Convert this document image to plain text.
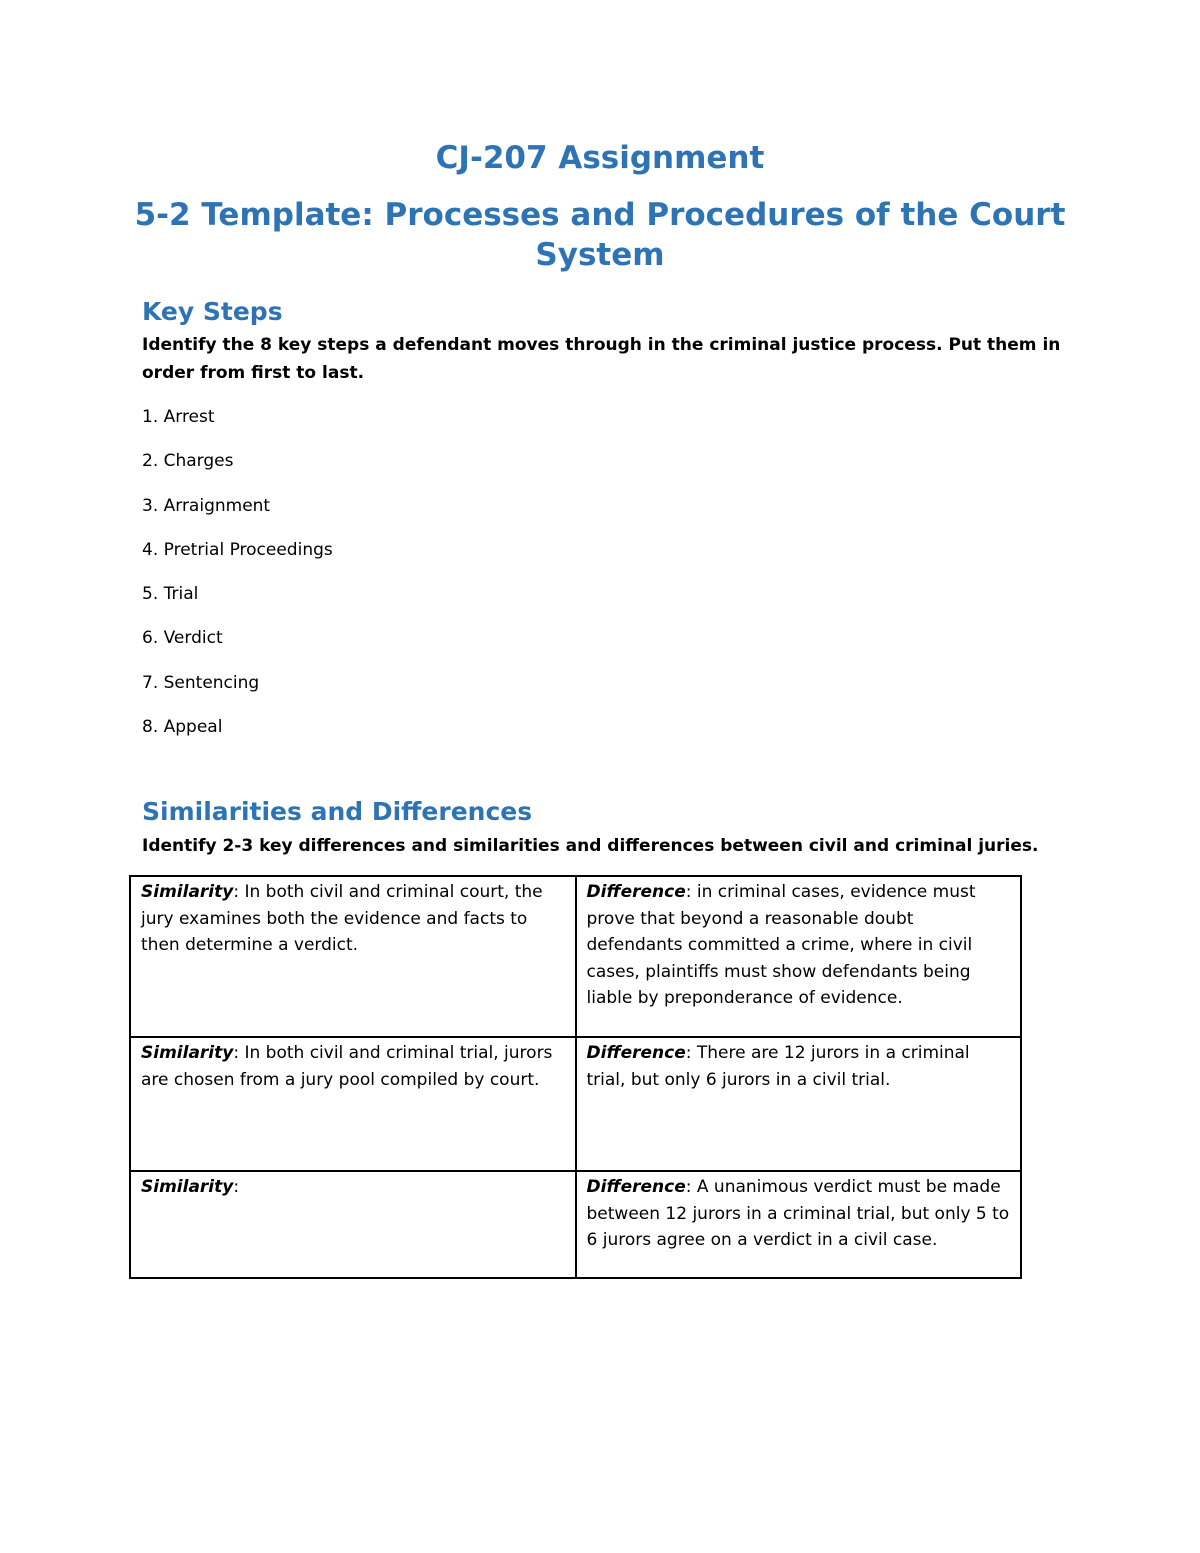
CJ-207 Assignment
5-2 Template: Processes and Procedures of the Court System
Key Steps

Identify the 8 key steps a defendant moves through in the criminal justice process. Put them in order from first to last.

1. Arrest
2. Charges
3. Arraignment
4. Pretrial Proceedings
5. Trial
6. Verdict
7. Sentencing
8. Appeal
Similarities and Differences

Identify 2-3 key differences and similarities and differences between civil and criminal juries.

Similarity: In both civil and criminal court, the jury examines both the evidence and facts to then determine a verdict.	Difference: in criminal cases, evidence must prove that beyond a reasonable doubt defendants committed a crime, where in civil cases, plaintiffs must show defendants being liable by preponderance of evidence.
Similarity: In both civil and criminal trial, jurors are chosen from a jury pool compiled by court.	Difference: There are 12 jurors in a criminal trial, but only 6 jurors in a civil trial.
Similarity:	Difference: A unanimous verdict must be made between 12 jurors in a criminal trial, but only 5 to 6 jurors agree on a verdict in a civil case.
